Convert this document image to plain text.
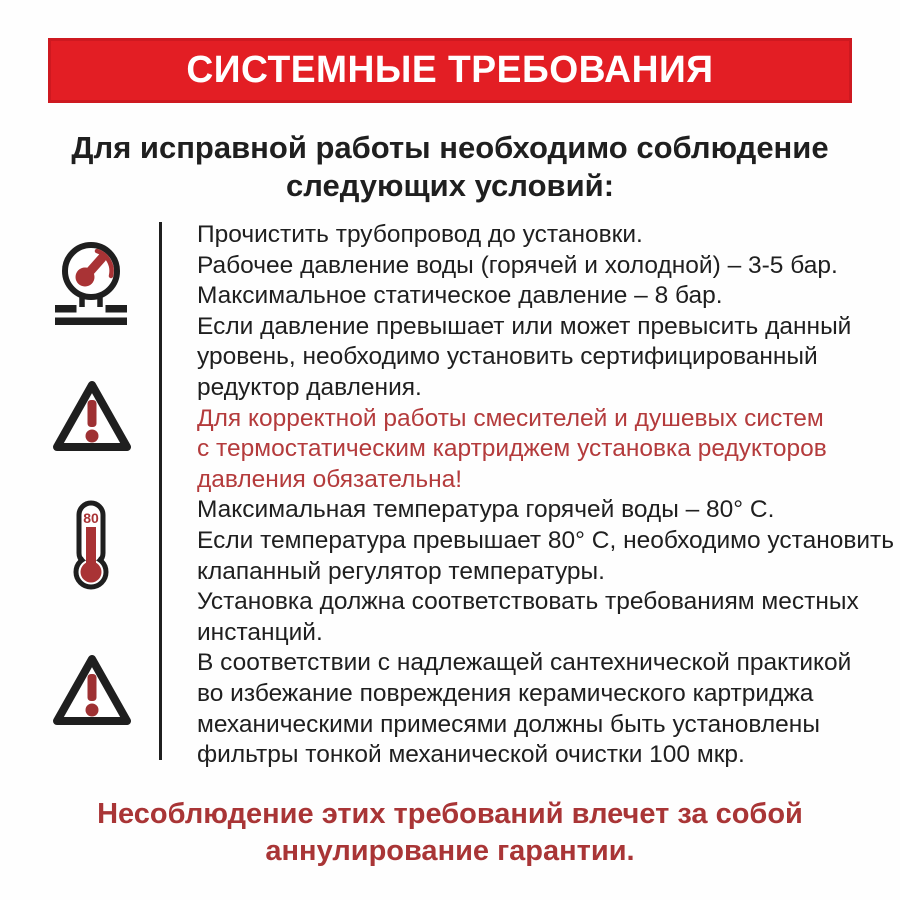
СИСТЕМНЫЕ ТРЕБОВАНИЯ
Для исправной работы необходимо соблюдение
следующих условий:
80
Прочистить трубопровод до установки.
Рабочее давление воды (горячей и холодной) – 3-5 бар.
Максимальное статическое давление – 8 бар.
Если давление превышает или может превысить данный
уровень, необходимо установить сертифицированный
редуктор давления.
Для корректной работы смесителей и душевых систем
с термостатическим картриджем установка редукторов
давления обязательна!
Максимальная температура горячей воды – 80° C.
Если температура превышает 80° C, необходимо установить
клапанный регулятор температуры.
Установка должна соответствовать требованиям местных
инстанций.
В соответствии с надлежащей сантехнической практикой
во избежание повреждения керамического картриджа
механическими примесями должны быть установлены
фильтры тонкой механической очистки 100 мкр.
Несоблюдение этих требований влечет за собой
аннулирование гарантии.
